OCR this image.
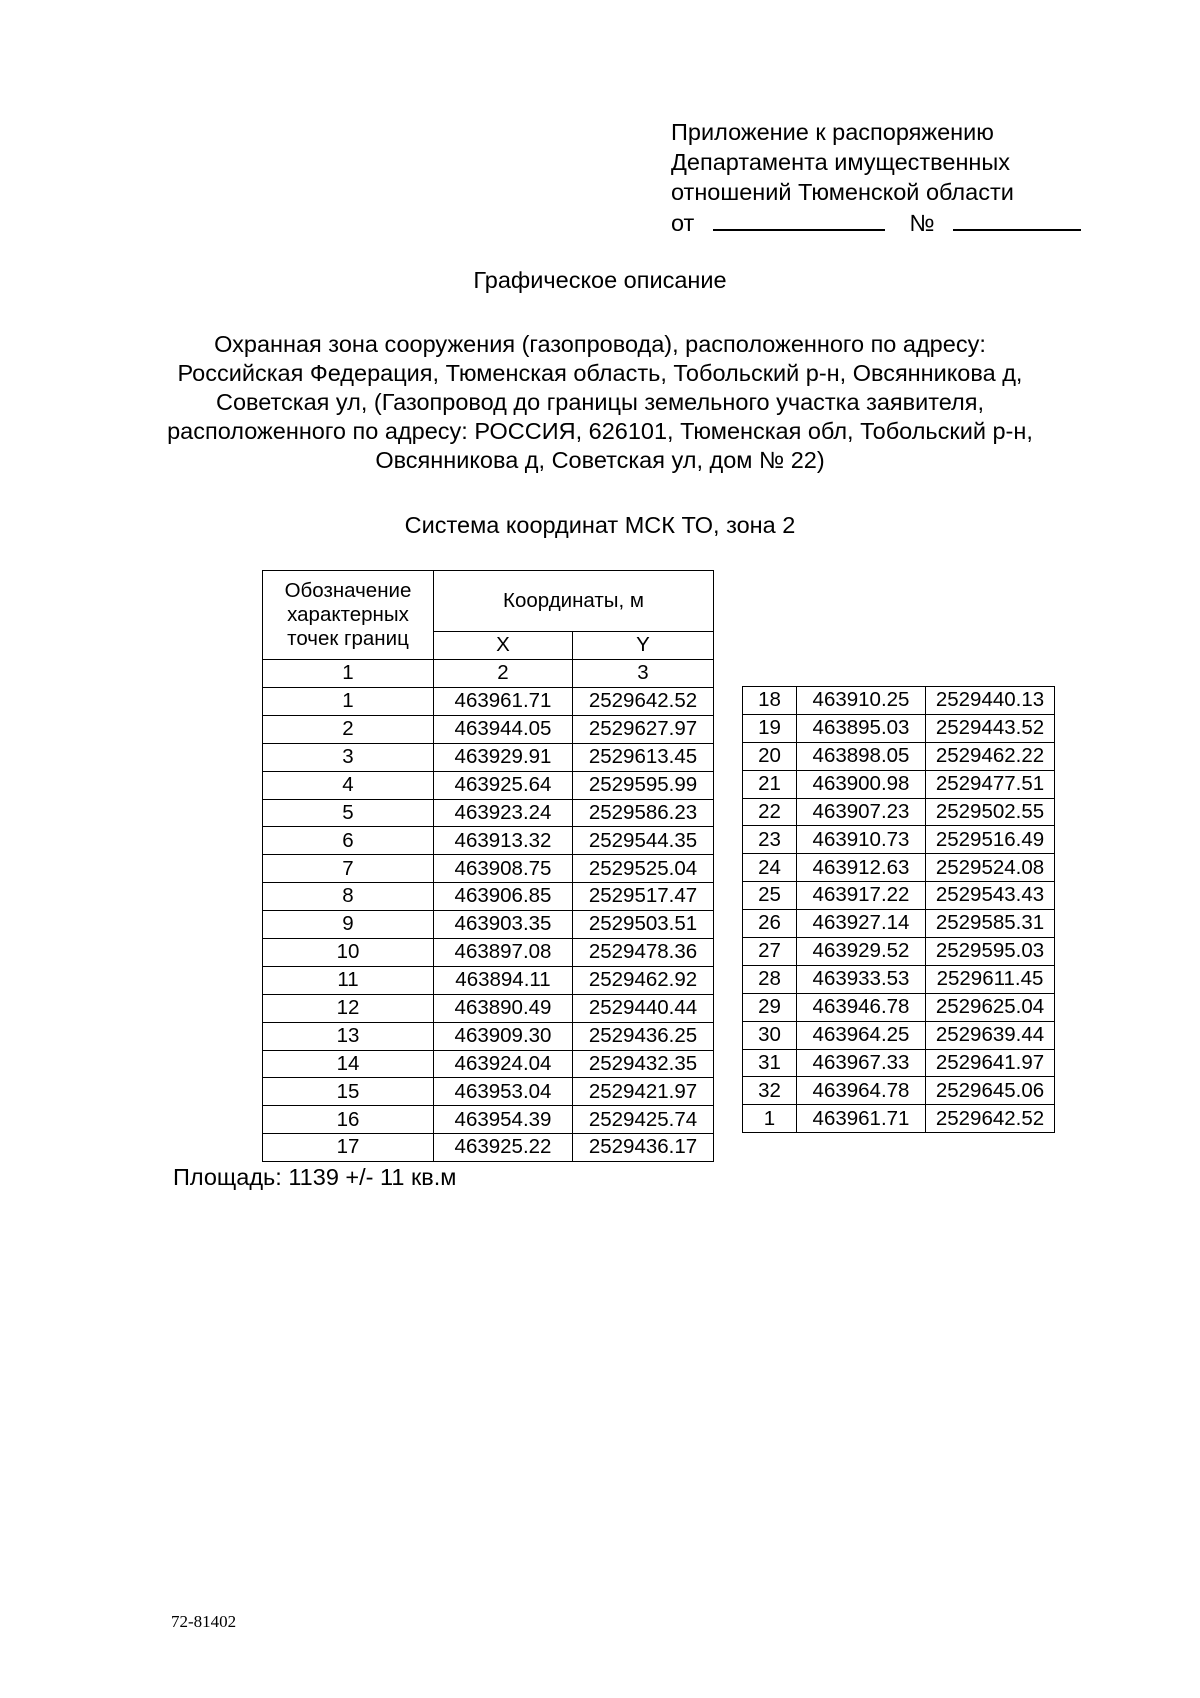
Приложение к распоряжению
Департамента имущественных
отношений Тюменской области
от	№
Графическое описание
Охранная зона сооружения (газопровода), расположенного по адресу:
Российская Федерация, Тюменская область, Тобольский р-н, Овсянникова д,
Советская ул, (Газопровод до границы земельного участка заявителя,
расположенного по адресу: РОССИЯ, 626101, Тюменская обл, Тобольский р-н,
Овсянникова д, Советская ул, дом № 22)
Система координат МСК ТО, зона 2
Обозначение характерных точек границ	Координаты, м	
	X	Y
1	2	3
1	463961.71	2529642.52
2	463944.05	2529627.97
3	463929.91	2529613.45
4	463925.64	2529595.99
5	463923.24	2529586.23
6	463913.32	2529544.35
7	463908.75	2529525.04
8	463906.85	2529517.47
9	463903.35	2529503.51
10	463897.08	2529478.36
11	463894.11	2529462.92
12	463890.49	2529440.44
13	463909.30	2529436.25
14	463924.04	2529432.35
15	463953.04	2529421.97
16	463954.39	2529425.74
17	463925.22	2529436.17
18	463910.25	2529440.13
19	463895.03	2529443.52
20	463898.05	2529462.22
21	463900.98	2529477.51
22	463907.23	2529502.55
23	463910.73	2529516.49
24	463912.63	2529524.08
25	463917.22	2529543.43
26	463927.14	2529585.31
27	463929.52	2529595.03
28	463933.53	2529611.45
29	463946.78	2529625.04
30	463964.25	2529639.44
31	463967.33	2529641.97
32	463964.78	2529645.06
1	463961.71	2529642.52
Площадь: 1139 +/- 11 кв.м
72-81402
